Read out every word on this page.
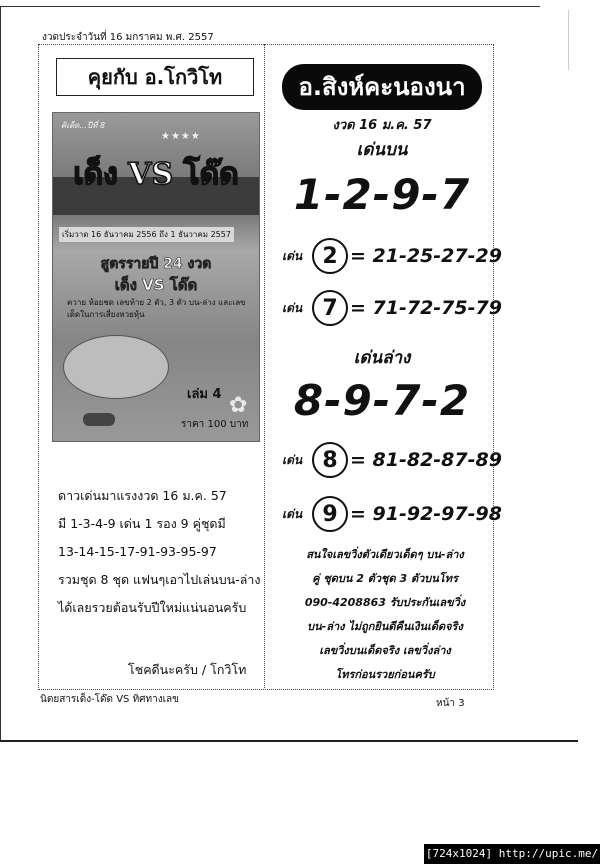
งวดประจำวันที่ 16 มกราคม พ.ศ. 2557
คุยกับ อ.โกวิโท
ฅิเด็ด...ปีที่ 8
★★★★
เด็ง VS โด๊ด
เริ่มวาด 16 ธันวาคม 2556 ถึง 1 ธันวาคม 2557
สูตรรายปี 24 งวด
เด็ง VS โด๊ด
ควาย ห้อยชด เลขท้าย 2 ตัว, 3 ตัว บน-ล่าง และเลขเด็ดในการเสี่ยงหวยหุ้น
✿
เล่ม 4

ราคา 100 บาท
ดาวเด่นมาแรงงวด 16 ม.ค. 57
มี 1-3-4-9 เด่น 1 รอง 9 คู่ชุดมี
13-14-15-17-91-93-95-97
รวมชุด 8 ชุด แฟนๆเอาไปเล่นบน-ล่าง
ได้เลยรวยต้อนรับปีใหม่แน่นอนครับ
โชคดีนะครับ / โกวิโท
อ.สิงห์คะนองนา
งวด 16 ม.ค. 57
เด่นบน
1-2-9-7
เด่น 2 = 21-25-27-29
เด่น 7 = 71-72-75-79
เด่นล่าง
8-9-7-2
เด่น 8 = 81-82-87-89
เด่น 9 = 91-92-97-98
สนใจเลขวิ่งตัวเดียวเด็ดๆ บน-ล่าง
คู่ ชุดบน 2 ตัวชุด 3 ตัวบนโทร
090-4208863 รับประกันเลขวิ่ง
บน-ล่าง ไม่ถูกยินดีคืนเงินเด็ดจริง
เลขวิ่งบนเด็ดจริง เลขวิ่งล่าง
โทรก่อนรวยก่อนครับ
นิตยสารเด็ง-โด๊ด VS ทิศทางเลข	หน้า 3
[724x1024] http://upic.me/
